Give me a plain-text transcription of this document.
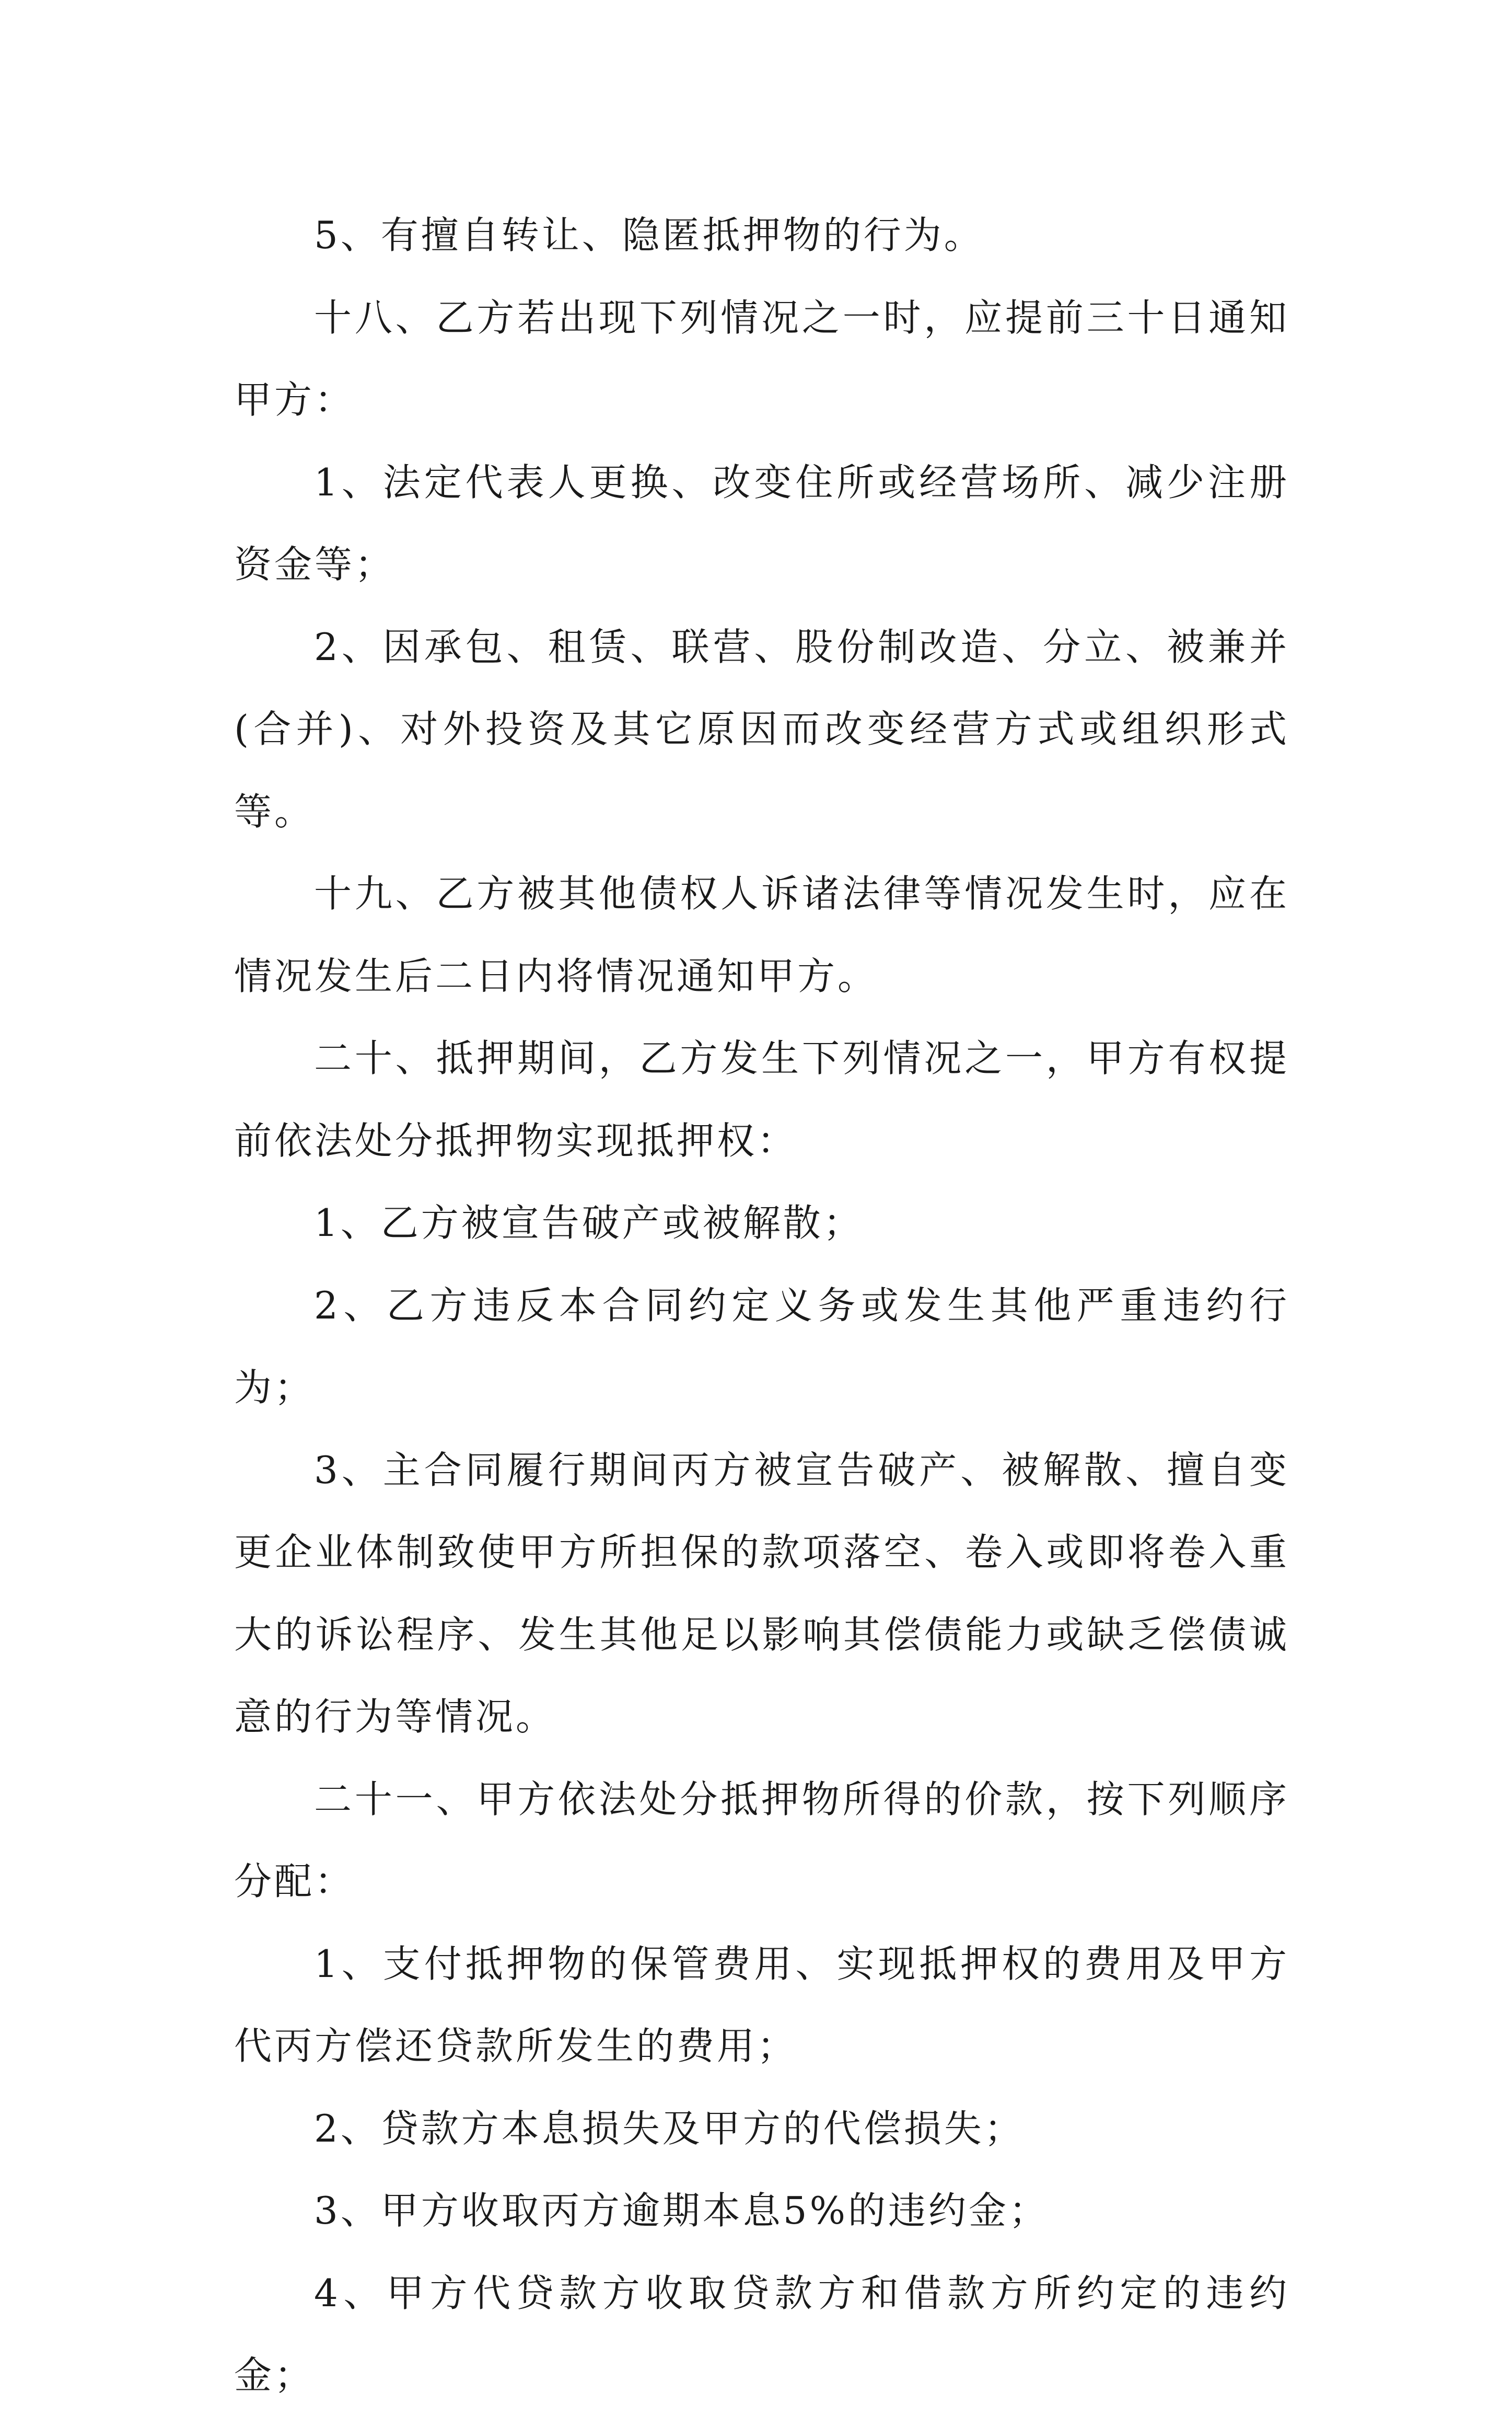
5、有擅自转让、隐匿抵押物的行为。

十八、乙方若出现下列情况之一时，应提前三十日通知甲方：

1、法定代表人更换、改变住所或经营场所、减少注册资金等；

2、因承包、租赁、联营、股份制改造、分立、被兼并(合并)、对外投资及其它原因而改变经营方式或组织形式等。

十九、乙方被其他债权人诉诸法律等情况发生时，应在情况发生后二日内将情况通知甲方。

二十、抵押期间，乙方发生下列情况之一，甲方有权提前依法处分抵押物实现抵押权：

1、乙方被宣告破产或被解散；

2、乙方违反本合同约定义务或发生其他严重违约行为；

3、主合同履行期间丙方被宣告破产、被解散、擅自变更企业体制致使甲方所担保的款项落空、卷入或即将卷入重大的诉讼程序、发生其他足以影响其偿债能力或缺乏偿债诚意的行为等情况。

二十一、甲方依法处分抵押物所得的价款，按下列顺序分配：

1、支付抵押物的保管费用、实现抵押权的费用及甲方代丙方偿还贷款所发生的费用；

2、贷款方本息损失及甲方的代偿损失；

3、甲方收取丙方逾期本息5%的违约金；

4、甲方代贷款方收取贷款方和借款方所约定的违约金；
